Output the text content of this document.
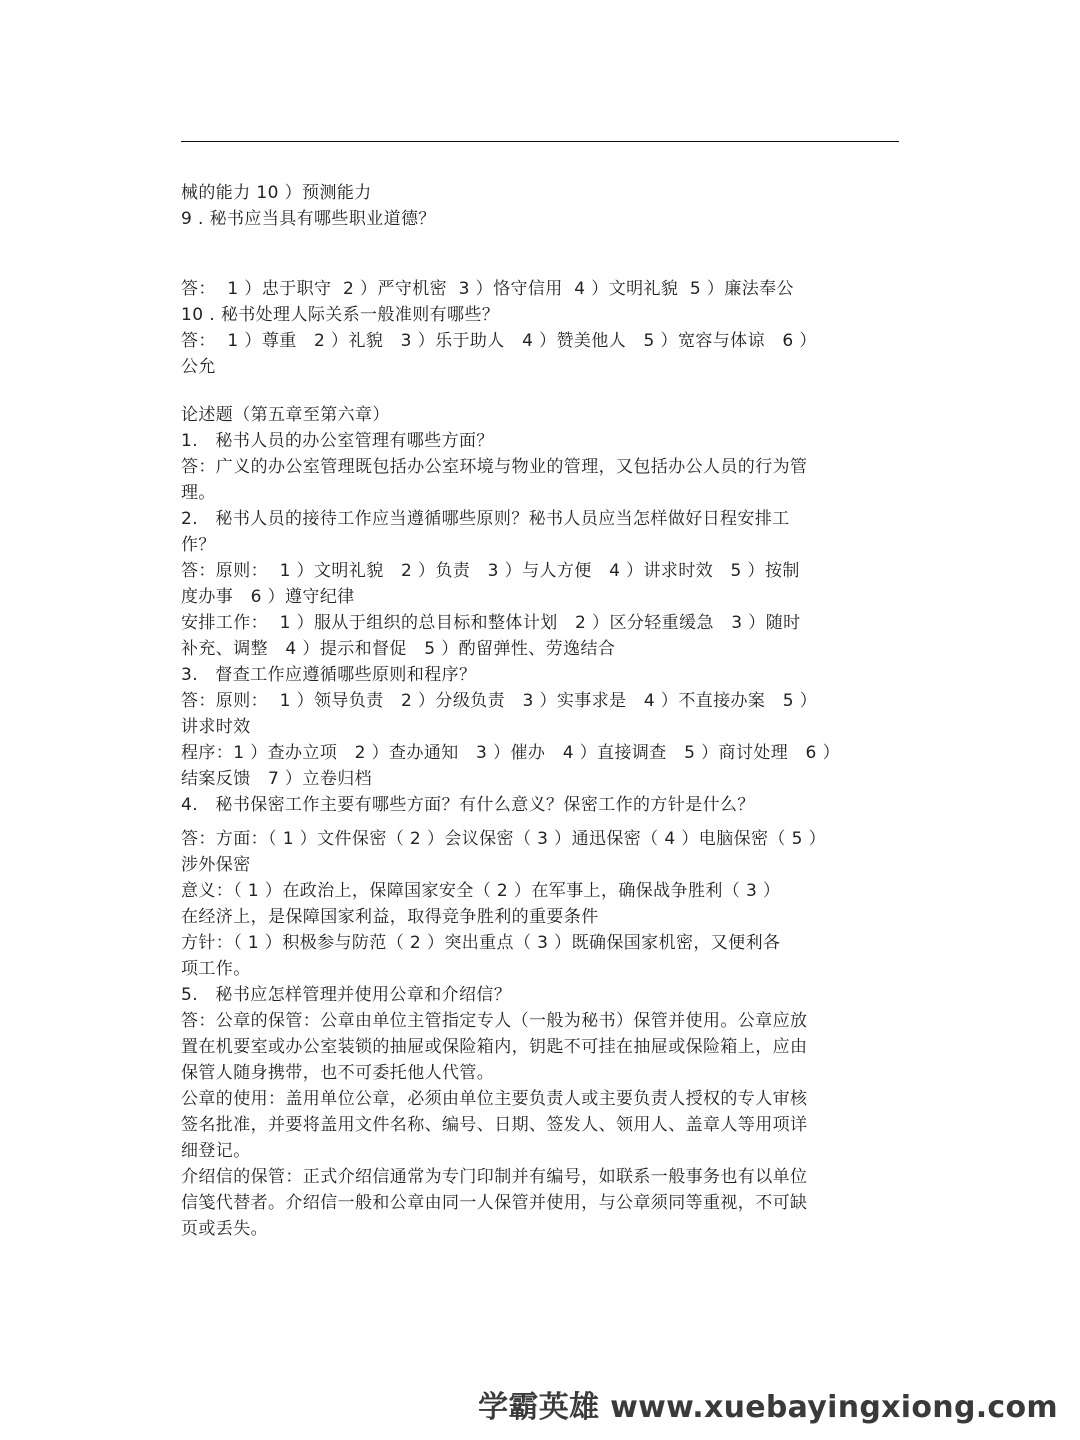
械的能力 10 ）预测能力
9 . 秘书应当具有哪些职业道德？
答：  1 ）忠于职守  2 ）严守机密  3 ）恪守信用  4 ）文明礼貌  5 ）廉法奉公
10 . 秘书处理人际关系一般准则有哪些？
答：  1 ）尊重   2 ）礼貌   3 ）乐于助人   4 ）赞美他人   5 ）宽容与体谅   6 ）
公允
论述题（第五章至第六章）
1.   秘书人员的办公室管理有哪些方面？
答：广义的办公室管理既包括办公室环境与物业的管理，又包括办公人员的行为管
理。
2.   秘书人员的接待工作应当遵循哪些原则？秘书人员应当怎样做好日程安排工
作？
答：原则：  1 ）文明礼貌   2 ）负责   3 ）与人方便   4 ）讲求时效   5 ）按制
度办事   6 ）遵守纪律
安排工作：  1 ）服从于组织的总目标和整体计划   2 ）区分轻重缓急   3 ）随时
补充、调整   4 ）提示和督促   5 ）酌留弹性、劳逸结合
3.   督查工作应遵循哪些原则和程序？
答：原则：  1 ）领导负责   2 ）分级负责   3 ）实事求是   4 ）不直接办案   5 ）
讲求时效
程序：1 ）查办立项   2 ）查办通知   3 ）催办   4 ）直接调查   5 ）商讨处理   6 ）
结案反馈   7 ）立卷归档
4.   秘书保密工作主要有哪些方面？有什么意义？保密工作的方针是什么？
答：方面：（ 1 ）文件保密（ 2 ）会议保密（ 3 ）通迅保密（ 4 ）电脑保密（ 5 ）
涉外保密
意义：（ 1 ）在政治上，保障国家安全（ 2 ）在军事上，确保战争胜利（ 3 ）
在经济上，是保障国家利益，取得竞争胜利的重要条件
方针：（ 1 ）积极参与防范（ 2 ）突出重点（ 3 ）既确保国家机密，又便利各
项工作。
5.   秘书应怎样管理并使用公章和介绍信？
答：公章的保管：公章由单位主管指定专人（一般为秘书）保管并使用。公章应放
置在机要室或办公室装锁的抽屉或保险箱内，钥匙不可挂在抽屉或保险箱上，应由
保管人随身携带，也不可委托他人代管。
公章的使用：盖用单位公章，必须由单位主要负责人或主要负责人授权的专人审核
签名批准，并要将盖用文件名称、编号、日期、签发人、领用人、盖章人等用项详
细登记。
介绍信的保管：正式介绍信通常为专门印制并有编号，如联系一般事务也有以单位
信笺代替者。介绍信一般和公章由同一人保管并使用，与公章须同等重视，不可缺
页或丢失。
学霸英雄 www.xuebayingxiong.com
